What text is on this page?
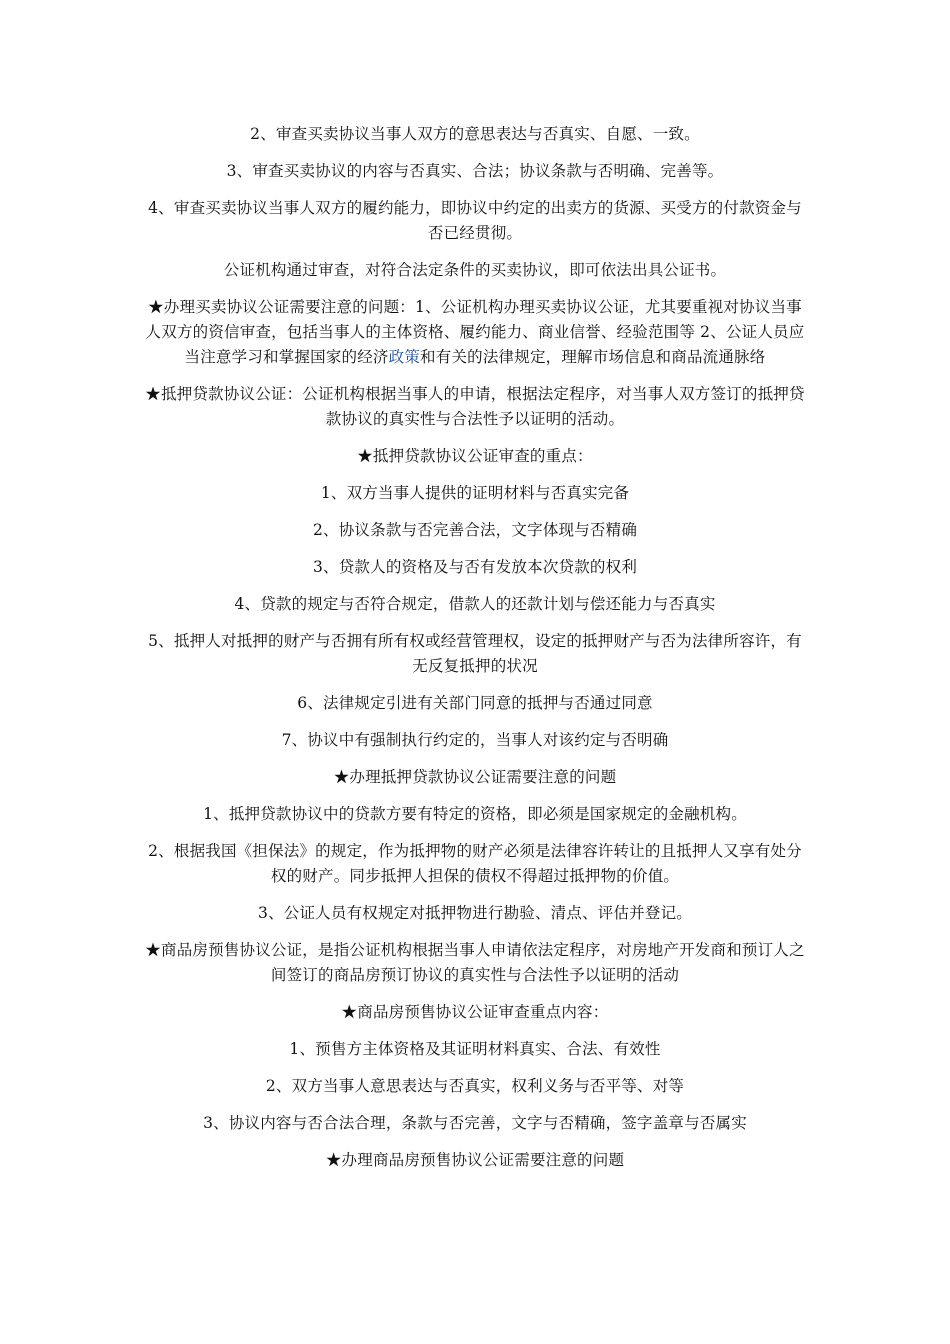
2、审查买卖协议当事人双方的意思表达与否真实、自愿、一致。

3、审查买卖协议的内容与否真实、合法；协议条款与否明确、完善等。

4、审查买卖协议当事人双方的履约能力，即协议中约定的出卖方的货源、买受方的付款资金与否已经贯彻。

公证机构通过审查，对符合法定条件的买卖协议，即可依法出具公证书。

★办理买卖协议公证需要注意的问题：1、公证机构办理买卖协议公证，尤其要重视对协议当事人双方的资信审查，包括当事人的主体资格、履约能力、商业信誉、经验范围等 2、公证人员应当注意学习和掌握国家的经济政策和有关的法律规定，理解市场信息和商品流通脉络

★抵押贷款协议公证：公证机构根据当事人的申请，根据法定程序，对当事人双方签订的抵押贷款协议的真实性与合法性予以证明的活动。

★抵押贷款协议公证审查的重点：

1、双方当事人提供的证明材料与否真实完备

2、协议条款与否完善合法，文字体现与否精确

3、贷款人的资格及与否有发放本次贷款的权利

4、贷款的规定与否符合规定，借款人的还款计划与偿还能力与否真实

5、抵押人对抵押的财产与否拥有所有权或经营管理权，设定的抵押财产与否为法律所容许，有无反复抵押的状况

6、法律规定引进有关部门同意的抵押与否通过同意

7、协议中有强制执行约定的，当事人对该约定与否明确

★办理抵押贷款协议公证需要注意的问题

1、抵押贷款协议中的贷款方要有特定的资格，即必须是国家规定的金融机构。

2、根据我国《担保法》的规定，作为抵押物的财产必须是法律容许转让的且抵押人又享有处分权的财产。同步抵押人担保的债权不得超过抵押物的价值。

3、公证人员有权规定对抵押物进行勘验、清点、评估并登记。

★商品房预售协议公证，是指公证机构根据当事人申请依法定程序，对房地产开发商和预订人之间签订的商品房预订协议的真实性与合法性予以证明的活动

★商品房预售协议公证审查重点内容：

1、预售方主体资格及其证明材料真实、合法、有效性

2、双方当事人意思表达与否真实，权利义务与否平等、对等

3、协议内容与否合法合理，条款与否完善，文字与否精确，签字盖章与否属实

★办理商品房预售协议公证需要注意的问题
